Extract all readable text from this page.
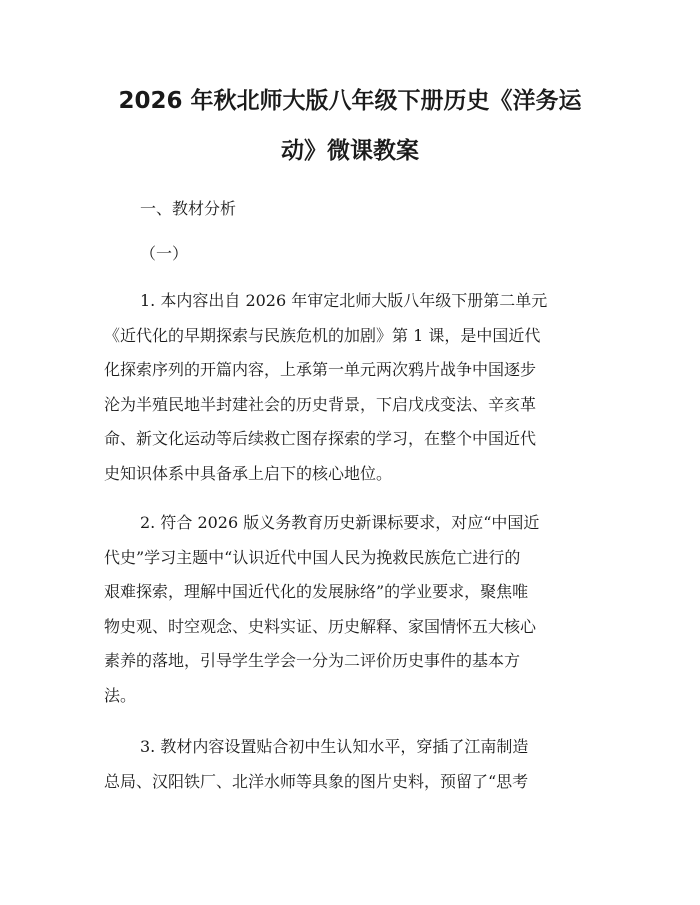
2026 年秋北师大版八年级下册历史《洋务运
动》微课教案
一、教材分析
（一）

1. 本内容出自 2026 年审定北师大版八年级下册第二单元
《近代化的早期探索与民族危机的加剧》第 1 课，是中国近代
化探索序列的开篇内容，上承第一单元两次鸦片战争中国逐步
沦为半殖民地半封建社会的历史背景，下启戊戌变法、辛亥革
命、新文化运动等后续救亡图存探索的学习，在整个中国近代
史知识体系中具备承上启下的核心地位。

2. 符合 2026 版义务教育历史新课标要求，对应“中国近
代史”学习主题中“认识近代中国人民为挽救民族危亡进行的
艰难探索，理解中国近代化的发展脉络”的学业要求，聚焦唯
物史观、时空观念、史料实证、历史解释、家国情怀五大核心
素养的落地，引导学生学会一分为二评价历史事件的基本方
法。

3. 教材内容设置贴合初中生认知水平，穿插了江南制造
总局、汉阳铁厂、北洋水师等具象的图片史料，预留了“思考
